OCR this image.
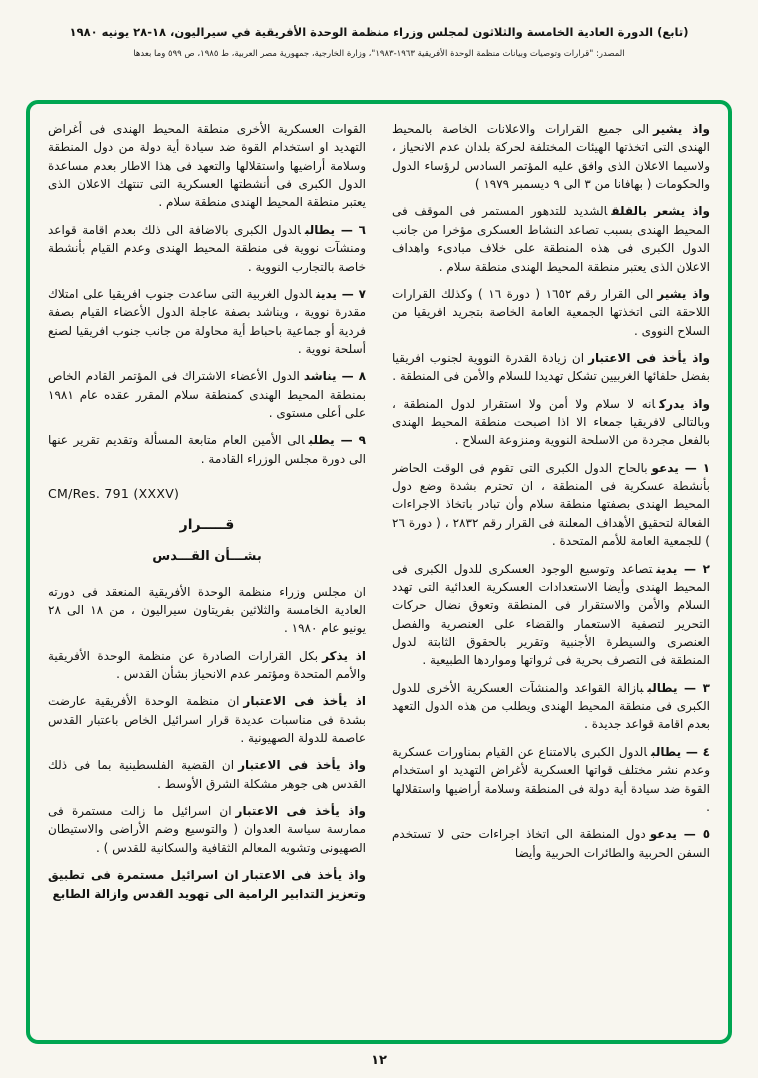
(تابع) الدورة العادية الخامسة والثلاثون لمجلس وزراء منظمة الوحدة الأفريقية في سيراليون، ١٨-٢٨ يونيه ١٩٨٠
المصدر: "قرارات وتوصيات وبيانات منظمة الوحدة الأفريقية ١٩٦٣-١٩٨٣"، وزارة الخارجية، جمهورية مصر العربية، ط ١٩٨٥، ص ٥٩٩ وما بعدها

واذ يشيرالى جميع القرارات والاعلانات الخاصة بالمحيط الهندى التى اتخذتها الهيئات المختلفة لحركة بلدان عدم الانحياز ، ولاسيما الاعلان الذى وافق عليه المؤتمر السادس لرؤساء الدول والحكومات ( بهافانا من ٣ الى ٩ ديسمبر ١٩٧٩ )

واذ يشعر بالقلقالشديد للتدهور المستمر فى الموقف فى المحيط الهندى بسبب تصاعد النشاط العسكرى مؤخرا من جانب الدول الكبرى فى هذه المنطقة على خلاف مبادىء واهداف الاعلان الذى يعتبر منطقة المحيط الهندى منطقة سلام .

واذ يشيرالى القرار رقم ١٦٥٢ ( دورة ١٦ ) وكذلك القرارات اللاحقة التى اتخذتها الجمعية العامة الخاصة بتجريد افريقيا من السلاح النووى .

واذ يأخذ فى الاعتباران زيادة القدرة النووية لجنوب افريقيا بفضل حلفائها الغربيين تشكل تهديدا للسلام والأمن فى المنطقة .

واذ يدركانه لا سلام ولا أمن ولا استقرار لدول المنطقة ، وبالتالى لافريقيا جمعاء الا اذا اصبحت منطقة المحيط الهندى بالفعل مجردة من الاسلحة النووية ومنزوعة السلاح .

١ — يدعوبالحاح الدول الكبرى التى تقوم فى الوقت الحاضر بأنشطة عسكرية فى المنطقة ، ان تحترم بشدة وضع دول المحيط الهندى بصفتها منطقة سلام وأن تبادر باتخاذ الاجراءات الفعالة لتحقيق الأهداف المعلنة فى القرار رقم ٢٨٣٢ ، ( دورة ٢٦ ) للجمعية العامة للأمم المتحدة .

٢ — يدينتصاعد وتوسيع الوجود العسكرى للدول الكبرى فى المحيط الهندى وأيضا الاستعدادات العسكرية العدائية التى تهدد السلام والأمن والاستقرار فى المنطقة وتعوق نضال حركات التحرير لتصفية الاستعمار والقضاء على العنصرية والفصل العنصرى والسيطرة الأجنبية وتقرير بالحقوق الثابتة لدول المنطقة فى التصرف بحرية فى ثرواتها ومواردها الطبيعية .

٣ — يطالببازالة القواعد والمنشآت العسكرية الأخرى للدول الكبرى فى منطقة المحيط الهندى ويطلب من هذه الدول التعهد بعدم اقامة قواعد جديدة .

٤ — يطالبالدول الكبرى بالامتناع عن القيام بمناورات عسكرية وعدم نشر مختلف قواتها العسكرية لأغراض التهديد او استخدام القوة ضد سيادة أية دولة فى المنطقة وسلامة أراضيها واستقلالها .

٥ — يدعودول المنطقة الى اتخاذ اجراءات حتى لا تستخدم السفن الحربية والطائرات الحربية وأيضا

القوات العسكرية الأخرى منطقة المحيط الهندى فى أغراض التهديد او استخدام القوة ضد سيادة أية دولة من دول المنطقة وسلامة أراضيها واستقلالها والتعهد فى هذا الاطار بعدم مساعدة الدول الكبرى فى أنشطتها العسكرية التى تنتهك الاعلان الذى يعتبر منطقة المحيط الهندى منطقة سلام .

٦ — يطالبالدول الكبرى بالاضافة الى ذلك بعدم اقامة قواعد ومنشآت نووية فى منطقة المحيط الهندى وعدم القيام بأنشطة خاصة بالتجارب النووية .

٧ — يدينالدول الغربية التى ساعدت جنوب افريقيا على امتلاك مقدرة نووية ، ويناشد بصفة عاجلة الدول الأعضاء القيام بصفة فردية أو جماعية باحباط أية محاولة من جانب جنوب افريقيا لصنع أسلحة نووية .

٨ — يناشدالدول الأعضاء الاشتراك فى المؤتمر القادم الخاص بمنطقة المحيط الهندى كمنطقة سلام المقرر عقده عام ١٩٨١ على أعلى مستوى .

٩ — يطلبالى الأمين العام متابعة المسألة وتقديم تقرير عنها الى دورة مجلس الوزراء القادمة .

CM/Res. 791 (XXXV)
قـــــرار
بشـــأن القـــدس

ان مجلس وزراء منظمة الوحدة الأفريقية المنعقد فى دورته العادية الخامسة والثلاثين بفريتاون سيراليون ، من ١٨ الى ٢٨ يونيو عام ١٩٨٠ .

اذ يذكربكل القرارات الصادرة عن منظمة الوحدة الأفريقية والأمم المتحدة ومؤتمر عدم الانحياز بشأن القدس .

اذ يأخذ فى الاعتباران منظمة الوحدة الأفريقية عارضت بشدة فى مناسبات عديدة قرار اسرائيل الخاص باعتبار القدس عاصمة للدولة الصهيونية .

واذ يأخذ فى الاعتباران القضية الفلسطينية بما فى ذلك القدس هى جوهر مشكلة الشرق الأوسط .

واذ يأخذ فى الاعتباران اسرائيل ما زالت مستمرة فى ممارسة سياسة العدوان ( والتوسيع وضم الأراضى والاستيطان الصهيونى وتشويه المعالم الثقافية والسكانية للقدس ) .

واذ يأخذ فى الاعتباران اسرائيل مستمرة فى تطبيق وتعزيز التدابير الرامية الى تهويد القدس وازالة الطابع

١٢
